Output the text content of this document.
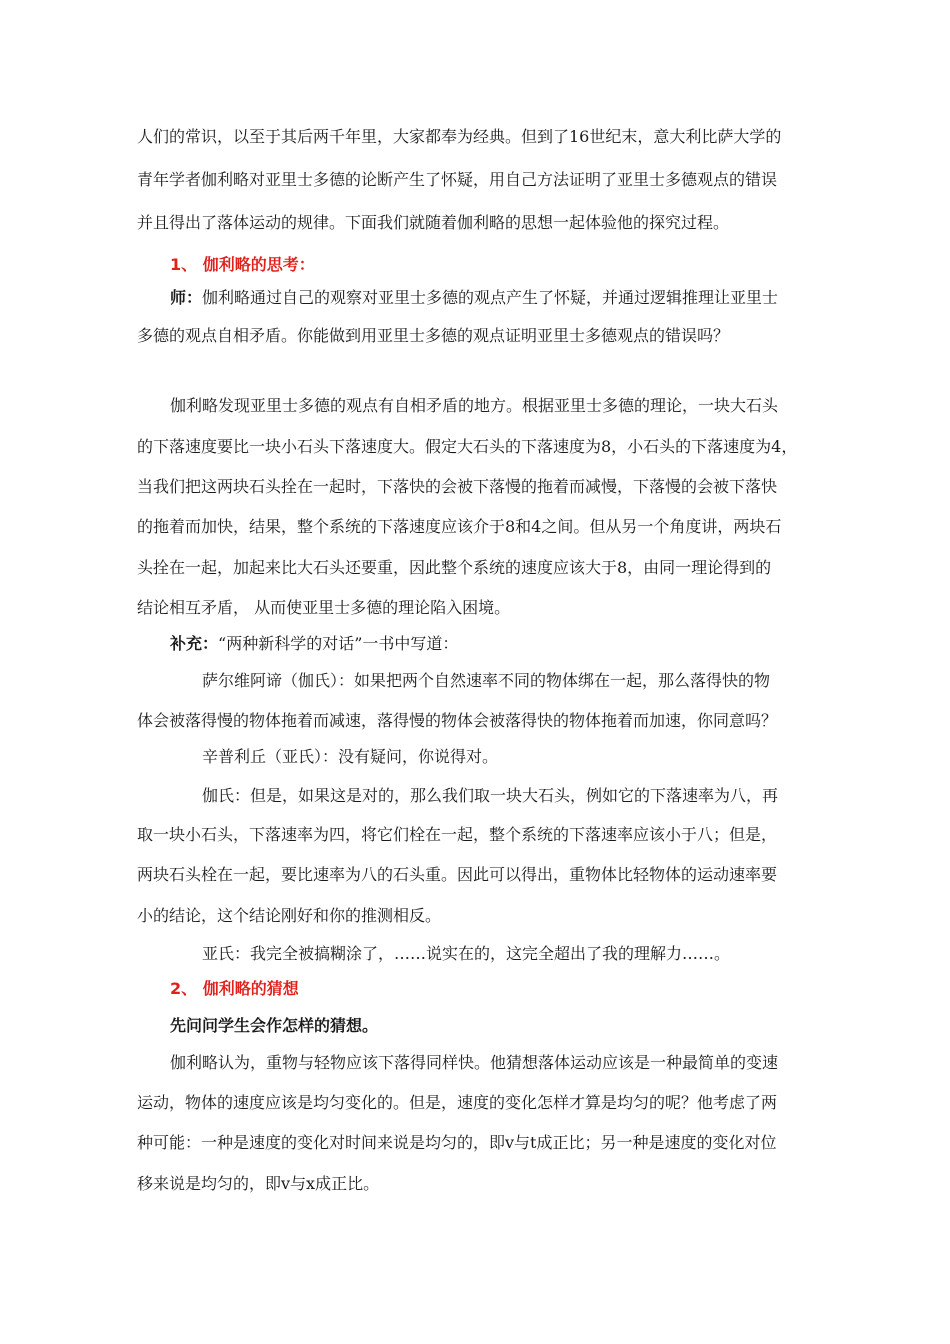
人们的常识，以至于其后两千年里，大家都奉为经典。但到了16世纪末，意大利比萨大学的
青年学者伽利略对亚里士多德的论断产生了怀疑，用自己方法证明了亚里士多德观点的错误
并且得出了落体运动的规律。下面我们就随着伽利略的思想一起体验他的探究过程。
1、 伽利略的思考：
师：伽利略通过自己的观察对亚里士多德的观点产生了怀疑，并通过逻辑推理让亚里士
多德的观点自相矛盾。你能做到用亚里士多德的观点证明亚里士多德观点的错误吗？
伽利略发现亚里士多德的观点有自相矛盾的地方。根据亚里士多德的理论，一块大石头
的下落速度要比一块小石头下落速度大。假定大石头的下落速度为8，小石头的下落速度为4，
当我们把这两块石头拴在一起时，下落快的会被下落慢的拖着而减慢，下落慢的会被下落快
的拖着而加快，结果，整个系统的下落速度应该介于8和4之间。但从另一个角度讲，两块石
头拴在一起，加起来比大石头还要重，因此整个系统的速度应该大于8，由同一理论得到的
结论相互矛盾， 从而使亚里士多德的理论陷入困境。
补充：“两种新科学的对话”一书中写道：
萨尔维阿谛（伽氏）：如果把两个自然速率不同的物体绑在一起，那么落得快的物
体会被落得慢的物体拖着而减速，落得慢的物体会被落得快的物体拖着而加速，你同意吗？
辛普利丘（亚氏）：没有疑问，你说得对。
伽氏：但是，如果这是对的，那么我们取一块大石头，例如它的下落速率为八，再
取一块小石头，下落速率为四，将它们栓在一起，整个系统的下落速率应该小于八；但是，
两块石头栓在一起，要比速率为八的石头重。因此可以得出，重物体比轻物体的运动速率要
小的结论，这个结论刚好和你的推测相反。
亚氏：我完全被搞糊涂了，……说实在的，这完全超出了我的理解力……。
2、 伽利略的猜想
先问问学生会作怎样的猜想。
伽利略认为，重物与轻物应该下落得同样快。他猜想落体运动应该是一种最简单的变速
运动，物体的速度应该是均匀变化的。但是，速度的变化怎样才算是均匀的呢？他考虑了两
种可能：一种是速度的变化对时间来说是均匀的，即v与t成正比；另一种是速度的变化对位
移来说是均匀的，即v与x成正比。
